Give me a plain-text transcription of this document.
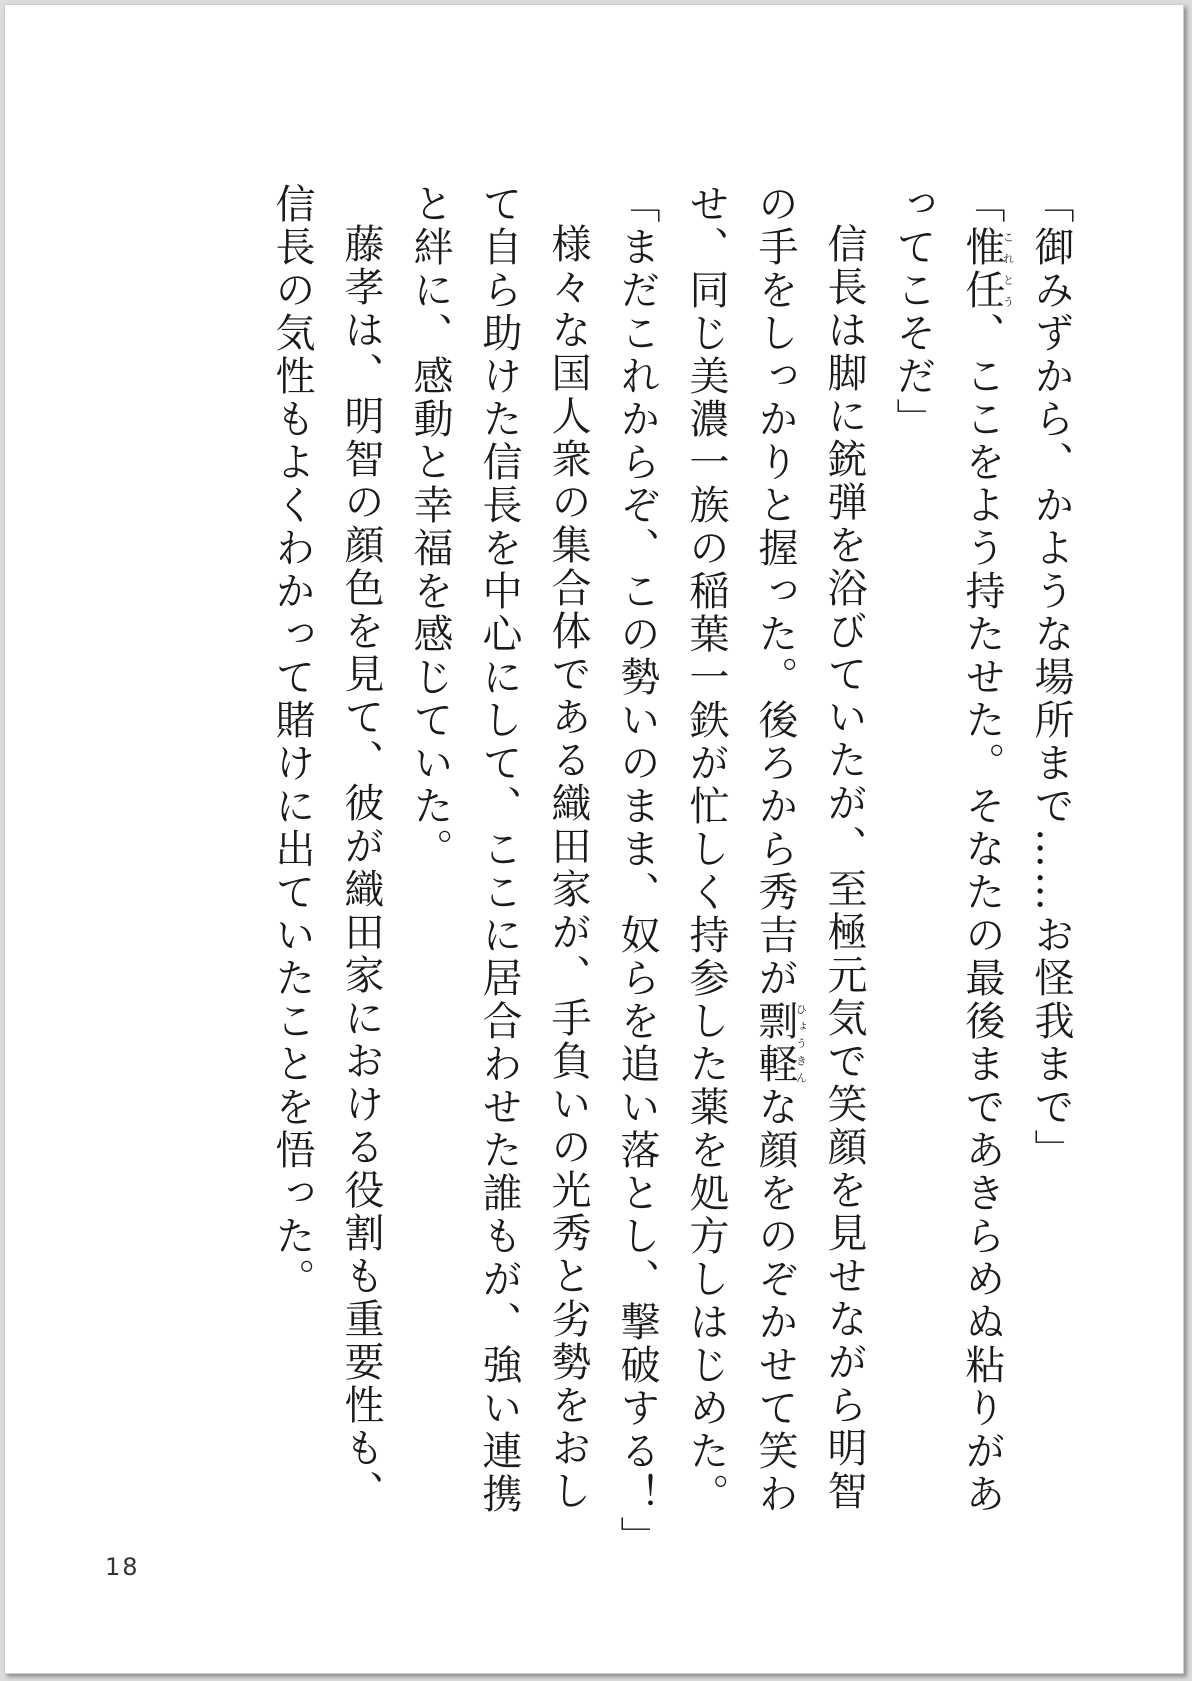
「御みずから、かような場所まで……お怪我まで」

「惟任これとう、ここをよう持たせた。そなたの最後まであきらめぬ粘りがあってこそだ」

信長は脚に銃弾を浴びていたが、至極元気で笑顔を見せながら明智の手をしっかりと握った。後ろから秀吉が剽軽ひょうきんな顔をのぞかせて笑わせ、同じ美濃一族の稲葉一鉄が忙しく持参した薬を処方しはじめた。

「まだこれからぞ、この勢いのまま、奴らを追い落とし、撃破する！」

様々な国人衆の集合体である織田家が、手負いの光秀と劣勢をおして自ら助けた信長を中心にして、ここに居合わせた誰もが、強い連携と絆に、感動と幸福を感じていた。

藤孝は、明智の顔色を見て、彼が織田家における役割も重要性も、信長の気性もよくわかって賭けに出ていたことを悟った。

18
